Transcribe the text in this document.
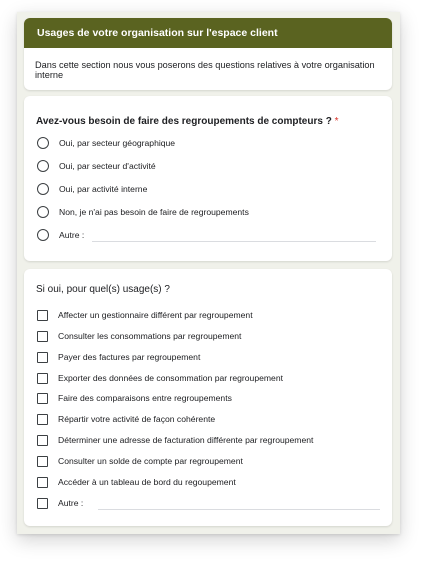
Usages de votre organisation sur l'espace client
Dans cette section nous vous poserons des questions relatives à votre organisation interne
Avez-vous besoin de faire des regroupements de compteurs ? *
Oui, par secteur géographique
Oui, par secteur d'activité
Oui, par activité interne
Non, je n'ai pas besoin de faire de regroupements
Autre :
Si oui, pour quel(s) usage(s) ?
Affecter un gestionnaire différent par regroupement
Consulter les consommations par regroupement
Payer des factures par regroupement
Exporter des données de consommation par regroupement
Faire des comparaisons entre regroupements
Répartir votre activité de façon cohérente
Déterminer une adresse de facturation différente par regroupement
Consulter un solde de compte par regroupement
Accéder à un tableau de bord du regoupement
Autre :
